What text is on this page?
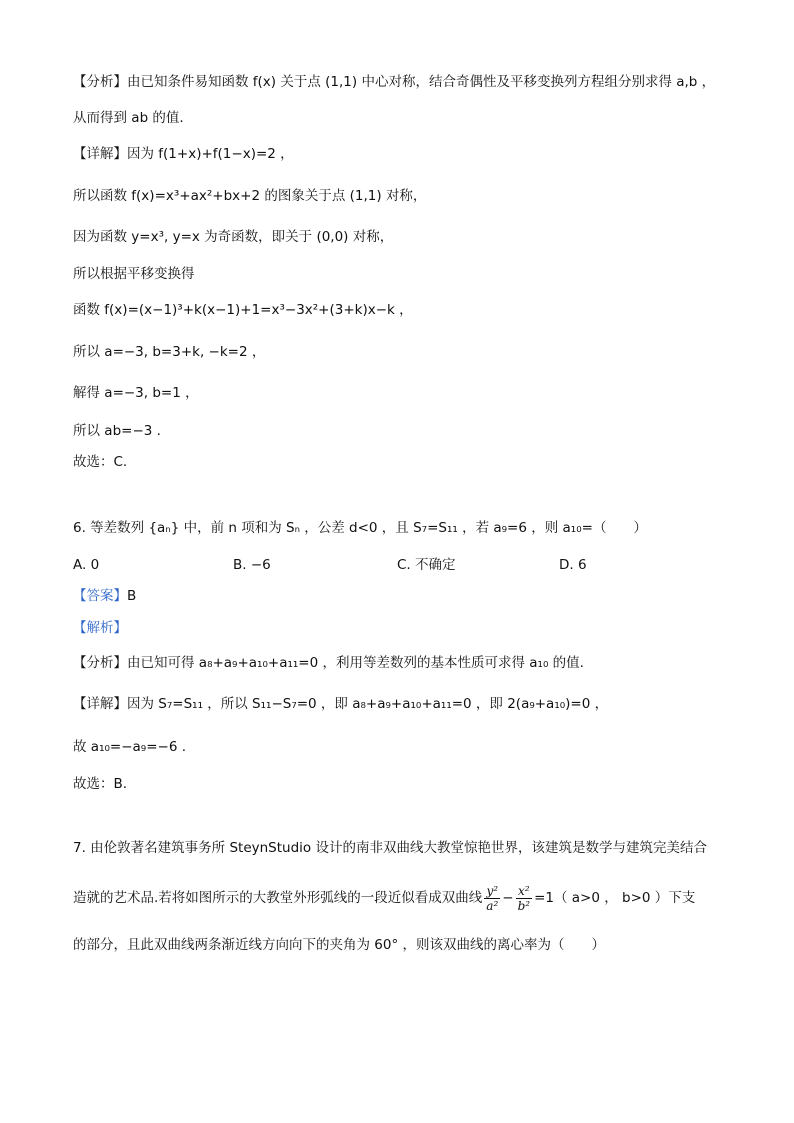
【分析】由已知条件易知函数 f(x) 关于点 (1,1) 中心对称，结合奇偶性及平移变换列方程组分别求得 a,b ，
从而得到 ab 的值.
【详解】因为 f(1+x)+f(1−x)=2 ，
所以函数 f(x)=x³+ax²+bx+2 的图象关于点 (1,1) 对称，
因为函数 y=x³, y=x 为奇函数，即关于 (0,0) 对称，
所以根据平移变换得
函数 f(x)=(x−1)³+k(x−1)+1=x³−3x²+(3+k)x−k ，
所以 a=−3, b=3+k, −k=2 ，
解得 a=−3, b=1 ，
所以 ab=−3 .
故选：C.
6. 等差数列 {aₙ} 中，前 n 项和为 Sₙ ，公差 d<0 ，且 S₇=S₁₁ ，若 a₉=6 ，则 a₁₀=（　　）
A. 0	B. −6	C. 不确定	D. 6
【答案】B
【解析】
【分析】由已知可得 a₈+a₉+a₁₀+a₁₁=0 ，利用等差数列的基本性质可求得 a₁₀ 的值.
【详解】因为 S₇=S₁₁ ，所以 S₁₁−S₇=0 ，即 a₈+a₉+a₁₀+a₁₁=0 ，即 2(a₉+a₁₀)=0 ，
故 a₁₀=−a₉=−6 .
故选：B.
7. 由伦敦著名建筑事务所 SteynStudio 设计的南非双曲线大教堂惊艳世界，该建筑是数学与建筑完美结合
造就的艺术品.若将如图所示的大教堂外形弧线的一段近似看成双曲线 $\frac{\text{y²}}{\text{a²}} - \frac{\text{x²}}{\text{b²}} =1$（ a>0 ， b>0 ）下支
的部分，且此双曲线两条渐近线方向向下的夹角为 60° ，则该双曲线的离心率为（　　）
